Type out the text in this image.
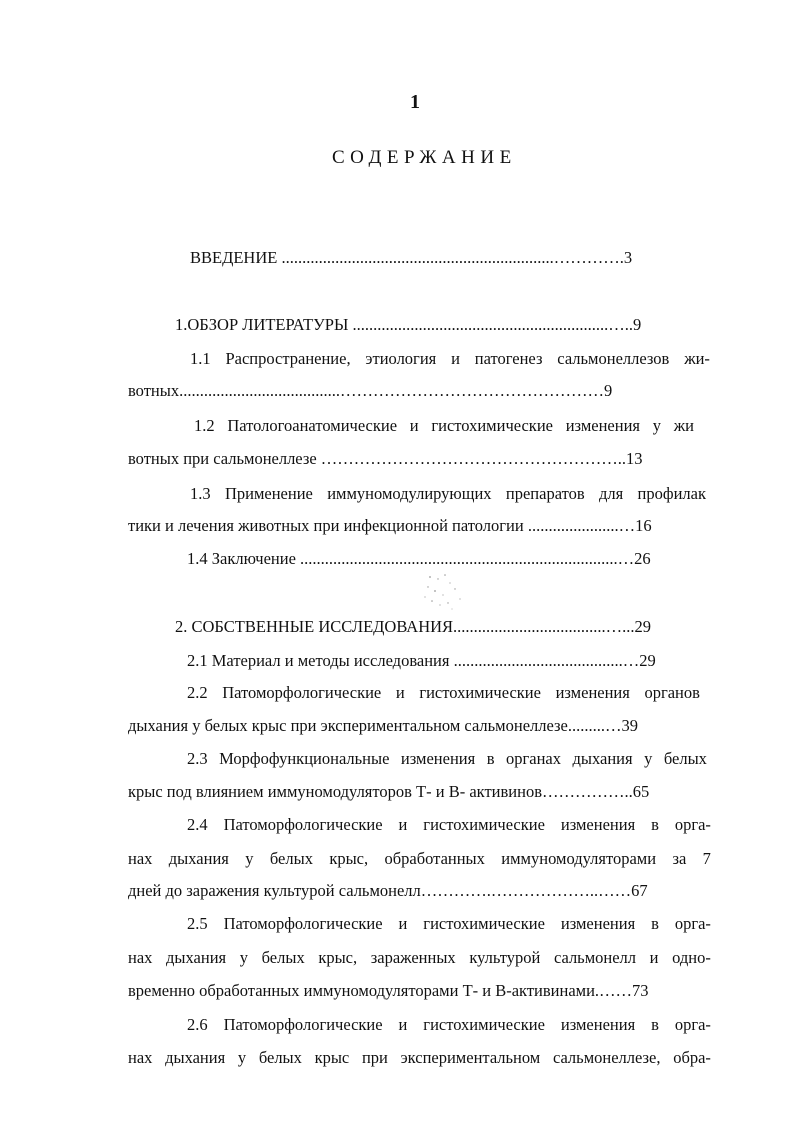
1
СОДЕРЖАНИЕ
ВВЕДЕНИЕ ..................................................................………….3
1.ОБЗОР ЛИТЕРАТУРЫ ..............................................................…..9
1.1 Распространение, этиология и патогенез сальмонеллезов жи-
вотных.......................................…………………………………………9
1.2 Патологоанатомические и гистохимические изменения у жи
вотных при сальмонеллезе ………………………………………………..13
1.3 Применение иммуномодулирующих препаратов для профилак
тики и лечения животных при инфекционной патологии ......................…16
1.4 Заключение .............................................................................…26
2. СОБСТВЕННЫЕ ИССЛЕДОВАНИЯ.....................................…...29
2.1 Материал и методы исследования .........................................…29
2.2 Патоморфологические и гистохимические изменения органов
дыхания у белых крыс при экспериментальном сальмонеллезе.........…39
2.3 Морфофункциональные изменения в органах дыхания у белых
крыс под влиянием иммуномодуляторов Т- и В- активинов……………..65
2.4 Патоморфологические и гистохимические изменения в орга-
нах дыхания у белых крыс, обработанных иммуномодуляторами за 7
дней до заражения культурой сальмонелл………….………………..……67
2.5 Патоморфологические и гистохимические изменения в орга-
нах дыхания у белых крыс, зараженных культурой сальмонелл и одно-
временно обработанных иммуномодуляторами Т- и В-активинами.……73
2.6 Патоморфологические и гистохимические изменения в орга-
нах дыхания у белых крыс при экспериментальном сальмонеллезе, обра-
